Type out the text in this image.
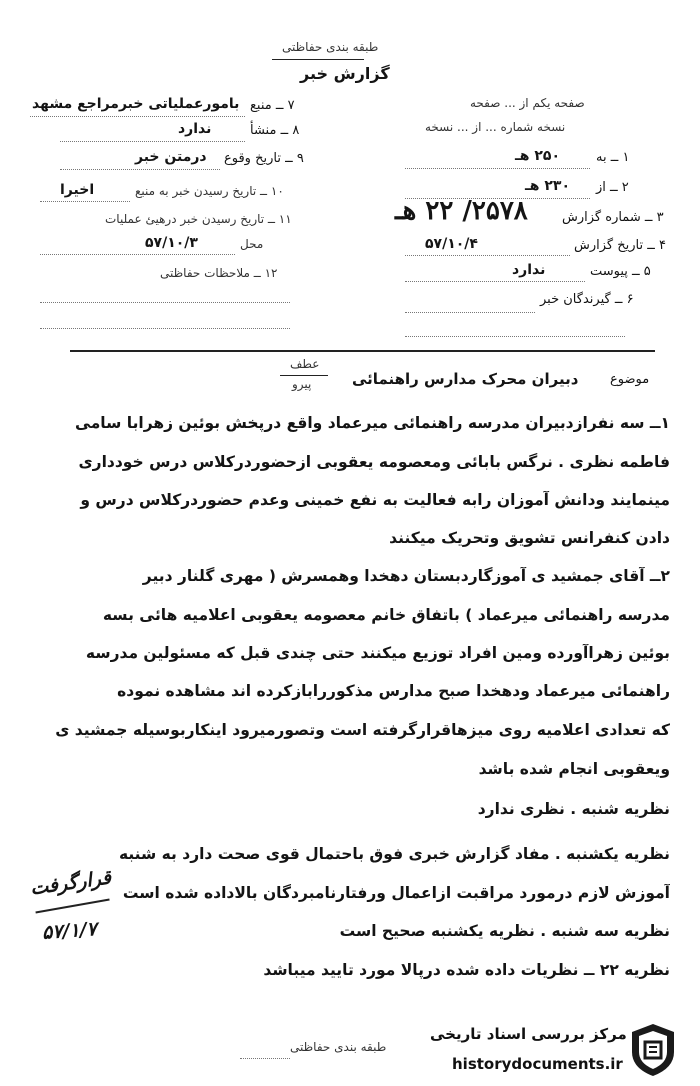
طبقه بندی حفاظتی
گزارش خبر
بامورعملیاتی خبرمراجع مشهد ۷ ــ منبع
ندارد	۸ ــ منشأ
درمتن خبر ۹ ــ تاریخ وقوع
اخیرا	۱۰ ــ تاریخ رسیدن خبر به منبع
۱۱ ــ تاریخ رسیدن خبر درهیئ عملیات
محل
۵۷/۱۰/۳
۱۲ ــ ملاحظات حفاظتی
صفحه یکم از ... صفحه
نسخه شماره ... از ... نسخه
۲۵۰ هـ	۱ ــ به
۲۳۰ هـ ۲ ــ از
۲۵۷۸/ ۲۲ هـ	۳ ــ شماره گزارش
۵۷/۱۰/۴	۴ ــ تاریخ گزارش
ندارد	۵ ــ پیوست
۶ ــ گیرندگان خبر
عطف
پیرو	دبیران محرک مدارس راهنمائی موضوع
۱ــ سه نفرازدبیران مدرسه راهنمائی میرعماد واقع درپخش بوئین زهرابا سامی
فاطمه نظری . نرگس بابائی ومعصومه یعقوبی ازحضوردرکلاس درس خودداری
مینمایند ودانش آموزان رابه فعالیت به نفع خمینی وعدم حضوردرکلاس درس و
دادن کنفرانس تشویق وتحریک میکنند
۲ــ آقای جمشید ی آموزگاردبستان دهخدا وهمسرش ( مهری گلنار دبیر
مدرسه راهنمائی میرعماد ) باتفاق خانم معصومه یعقوبی اعلامیه هائی بسه
بوئین زهراآورده ومین افراد توزیع میکنند حتی چندی قبل که مسئولین مدرسه
راهنمائی میرعماد ودهخدا صبح مدارس مذکوررابازکرده اند مشاهده نموده
که تعدادی اعلامیه روی میزهاقرارگرفته است وتصورمیرود اینکاربوسیله جمشید ی
ویعقوبی انجام شده باشد
نظریه شنبه . نظری ندارد
نظریه یکشنبه . مفاد گزارش خبری فوق باحتمال قوی صحت دارد به شنبه
آموزش لازم درمورد مراقبت ازاعمال ورفتارنامبردگان بالاداده شده است
نظریه سه شنبه . نظریه یکشنبه صحیح است
نظریه ۲۲ ــ نظریات داده شده درپالا مورد تایید میباشد
قرارگرفت
۵۷/۱/۷
طبقه بندی حفاظتی
مرکز بررسی اسناد تاریخی
historydocuments.ir
